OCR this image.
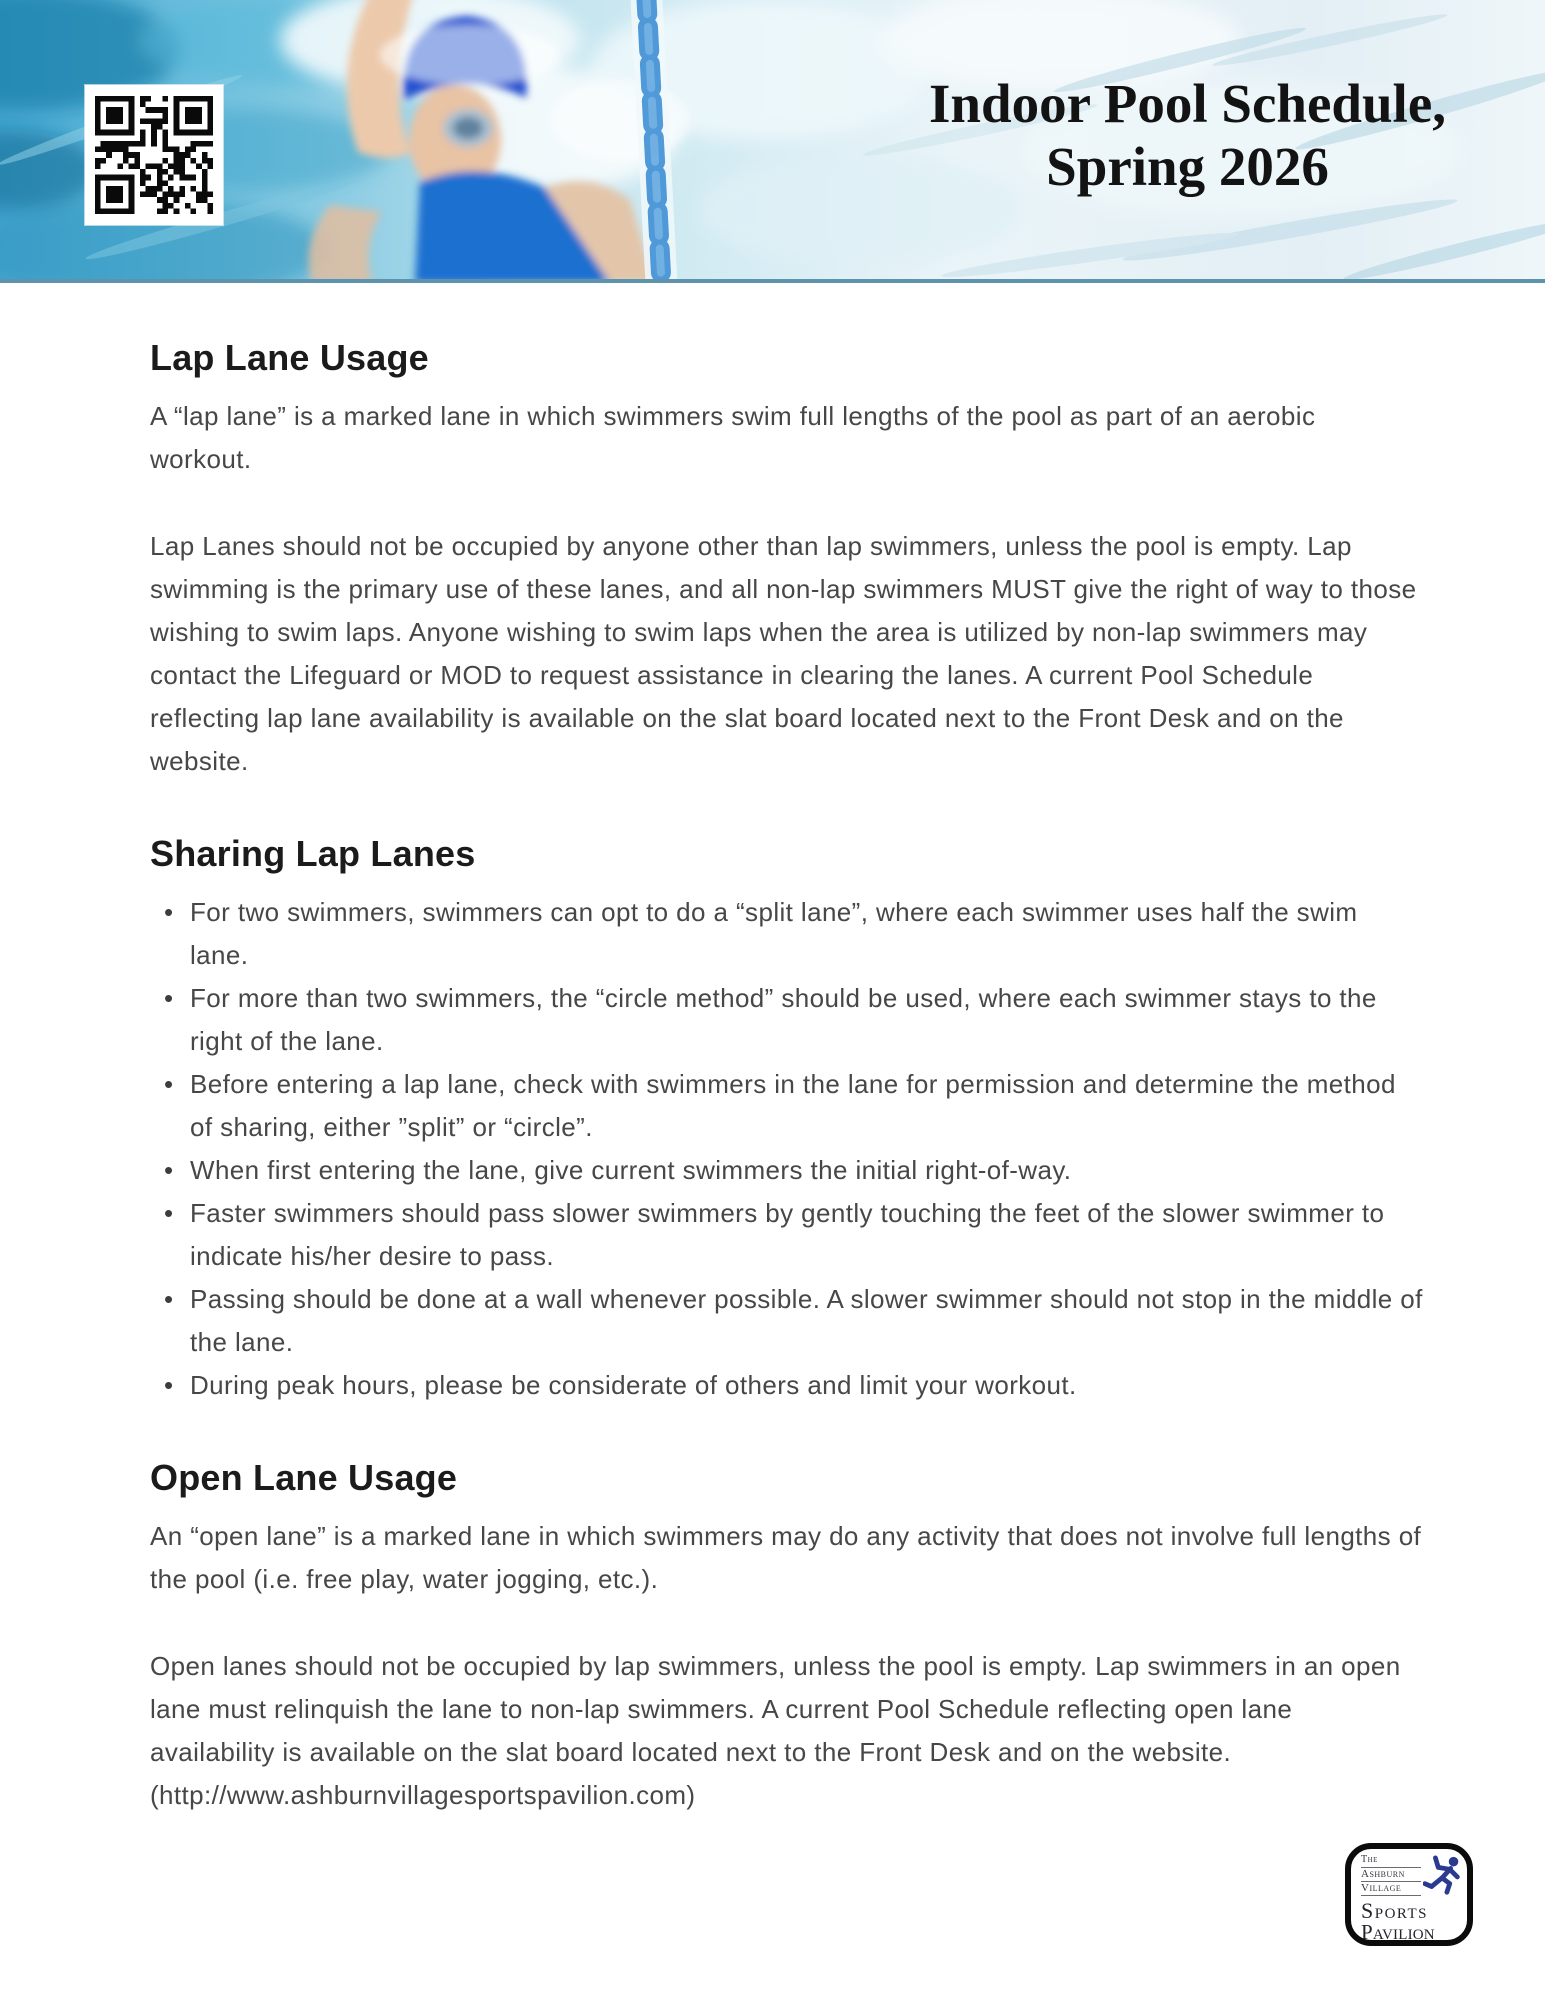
Indoor Pool Schedule,
Spring 2026
Lap Lane Usage

A “lap lane” is a marked lane in which swimmers swim full lengths of the pool as part of an aerobic workout.

Lap Lanes should not be occupied by anyone other than lap swimmers, unless the pool is empty. Lap swimming is the primary use of these lanes, and all non-lap swimmers MUST give the right of way to those wishing to swim laps. Anyone wishing to swim laps when the area is utilized by non-lap swimmers may contact the Lifeguard or MOD to request assistance in clearing the lanes. A current Pool Schedule reflecting lap lane availability is available on the slat board located next to the Front Desk and on the website.

Sharing Lap Lanes
• For two swimmers, swimmers can opt to do a “split lane”, where each swimmer uses half the swim lane.
• For more than two swimmers, the “circle method” should be used, where each swimmer stays to the right of the lane.
• Before entering a lap lane, check with swimmers in the lane for permission and determine the method of sharing, either ”split” or “circle”.
• When first entering the lane, give current swimmers the initial right-of-way.
• Faster swimmers should pass slower swimmers by gently touching the feet of the slower swimmer to indicate his/her desire to pass.
• Passing should be done at a wall whenever possible. A slower swimmer should not stop in the middle of the lane.
• During peak hours, please be considerate of others and limit your workout.
Open Lane Usage

An “open lane” is a marked lane in which swimmers may do any activity that does not involve full lengths of the pool (i.e. free play, water jogging, etc.).

Open lanes should not be occupied by lap swimmers, unless the pool is empty. Lap swimmers in an open lane must relinquish the lane to non-lap swimmers. A current Pool Schedule reflecting open lane availability is available on the slat board located next to the Front Desk and on the website. (http://www.ashburnvillagesportspavilion.com)

The
Ashburn
Village
Sports
Pavilion
